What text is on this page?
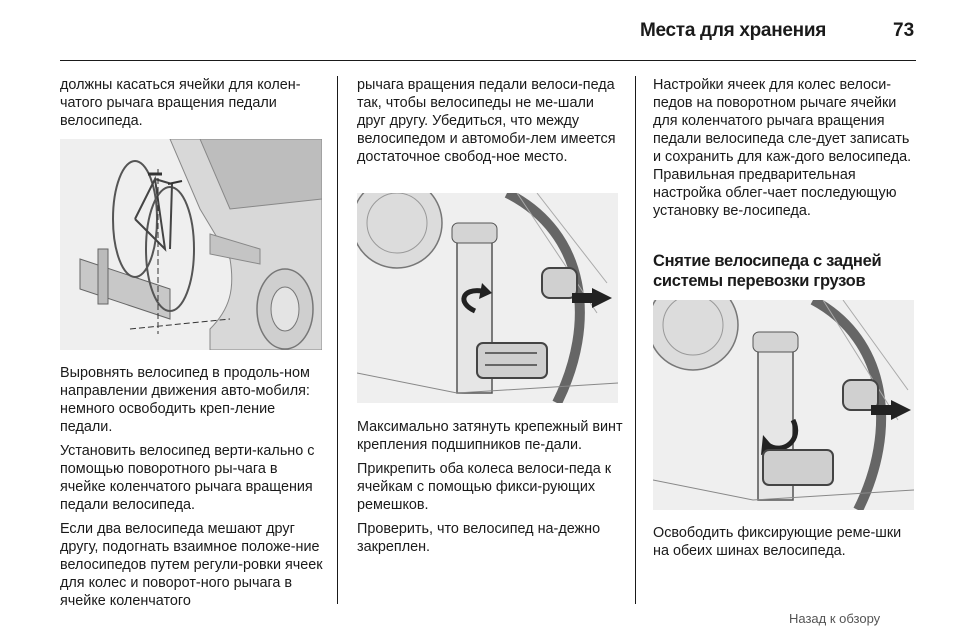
Места для хранения	73

должны касаться ячейки для колен-чатого рычага вращения педали велосипеда.

Выровнять велосипед в продоль-ном направлении движения авто-мобиля: немного освободить креп-ление педали.

Установить велосипед верти-кально с помощью поворотного ры-чага в ячейке коленчатого рычага вращения педали велосипеда.

Если два велосипеда мешают друг другу, подогнать взаимное положе-ние велосипедов путем регули-ровки ячеек для колес и поворот-ного рычага в ячейке коленчатого

рычага вращения педали велоси-педа так, чтобы велосипеды не ме-шали друг другу. Убедиться, что между велосипедом и автомоби-лем имеется достаточное свобод-ное место.

Максимально затянуть крепежный винт крепления подшипников пе-дали.

Прикрепить оба колеса велоси-педа к ячейкам с помощью фикси-рующих ремешков.

Проверить, что велосипед на-дежно закреплен.

Настройки ячеек для колес велоси-педов на поворотном рычаге ячейки для коленчатого рычага вращения педали велосипеда сле-дует записать и сохранить для каж-дого велосипеда. Правильная предварительная настройка облег-чает последующую установку ве-лосипеда.

Снятие велосипеда с задней системы перевозки грузов

Освободить фиксирующие реме-шки на обеих шинах велосипеда.

Назад к обзору
